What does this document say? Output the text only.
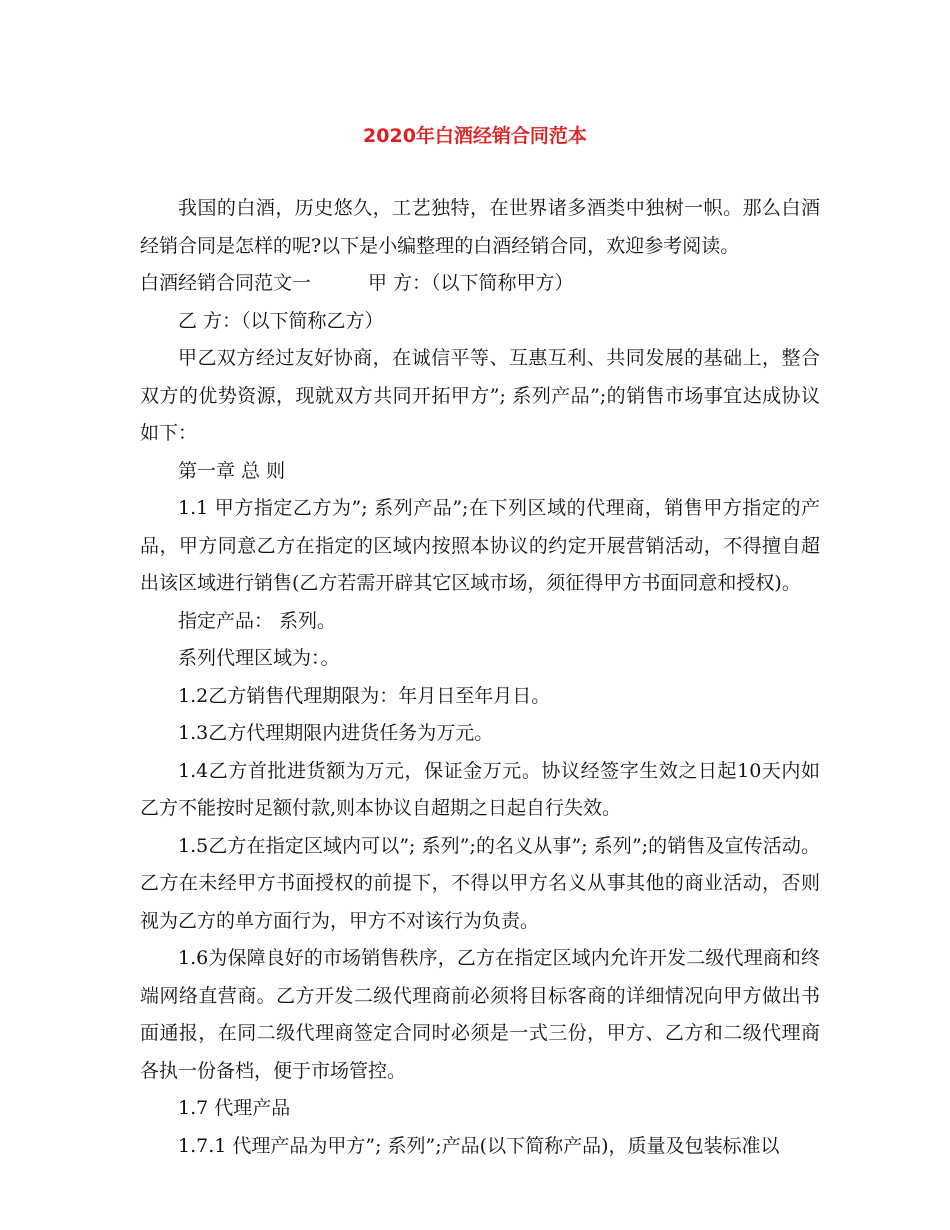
2020年白酒经销合同范本

我国的白酒，历史悠久，工艺独特，在世界诸多酒类中独树一帜。那么白酒经销合同是怎样的呢?以下是小编整理的白酒经销合同，欢迎参考阅读。

白酒经销合同范文一　　　甲 方：（以下简称甲方）

乙 方：（以下简称乙方）

甲乙双方经过友好协商，在诚信平等、互惠互利、共同发展的基础上，整合双方的优势资源，现就双方共同开拓甲方”; 系列产品”;的销售市场事宜达成协议如下：

第一章 总 则

1.1 甲方指定乙方为”; 系列产品”;在下列区域的代理商，销售甲方指定的产品，甲方同意乙方在指定的区域内按照本协议的约定开展营销活动，不得擅自超出该区域进行销售(乙方若需开辟其它区域市场，须征得甲方书面同意和授权)。

指定产品： 系列。

系列代理区域为：。

1.2乙方销售代理期限为：年月日至年月日。

1.3乙方代理期限内进货任务为万元。

1.4乙方首批进货额为万元，保证金万元。协议经签字生效之日起10天内如乙方不能按时足额付款,则本协议自超期之日起自行失效。

1.5乙方在指定区域内可以”; 系列”;的名义从事”; 系列”;的销售及宣传活动。乙方在未经甲方书面授权的前提下，不得以甲方名义从事其他的商业活动，否则视为乙方的单方面行为，甲方不对该行为负责。

1.6为保障良好的市场销售秩序，乙方在指定区域内允许开发二级代理商和终端网络直营商。乙方开发二级代理商前必须将目标客商的详细情况向甲方做出书面通报，在同二级代理商签定合同时必须是一式三份，甲方、乙方和二级代理商各执一份备档，便于市场管控。

1.7 代理产品

1.7.1 代理产品为甲方”; 系列”;产品(以下简称产品)，质量及包装标准以
